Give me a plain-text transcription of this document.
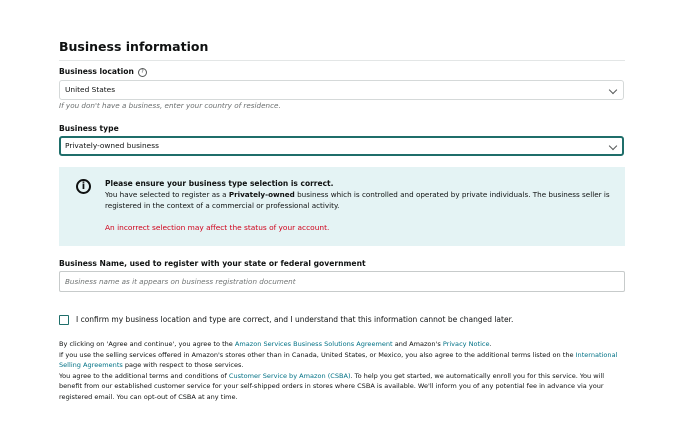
Business information
Business location ?
United States
If you don't have a business, enter your country of residence.
Business type
Privately-owned business
i	Please ensure your business type selection is correct.
You have selected to register as a Privately-owned business which is controlled and operated by private individuals. The business seller is registered in the context of a commercial or professional activity.
An incorrect selection may affect the status of your account.
Business Name, used to register with your state or federal government
Business name as it appears on business registration document
I confirm my business location and type are correct, and I understand that this information cannot be changed later.
By clicking on 'Agree and continue', you agree to the Amazon Services Business Solutions Agreement and Amazon's Privacy Notice.
If you use the selling services offered in Amazon's stores other than in Canada, United States, or Mexico, you also agree to the additional terms listed on the International Selling Agreements page with respect to those services.
You agree to the additional terms and conditions of Customer Service by Amazon (CSBA). To help you get started, we automatically enroll you for this service. You will benefit from our established customer service for your self-shipped orders in stores where CSBA is available. We'll inform you of any potential fee in advance via your registered email. You can opt-out of CSBA at any time.
